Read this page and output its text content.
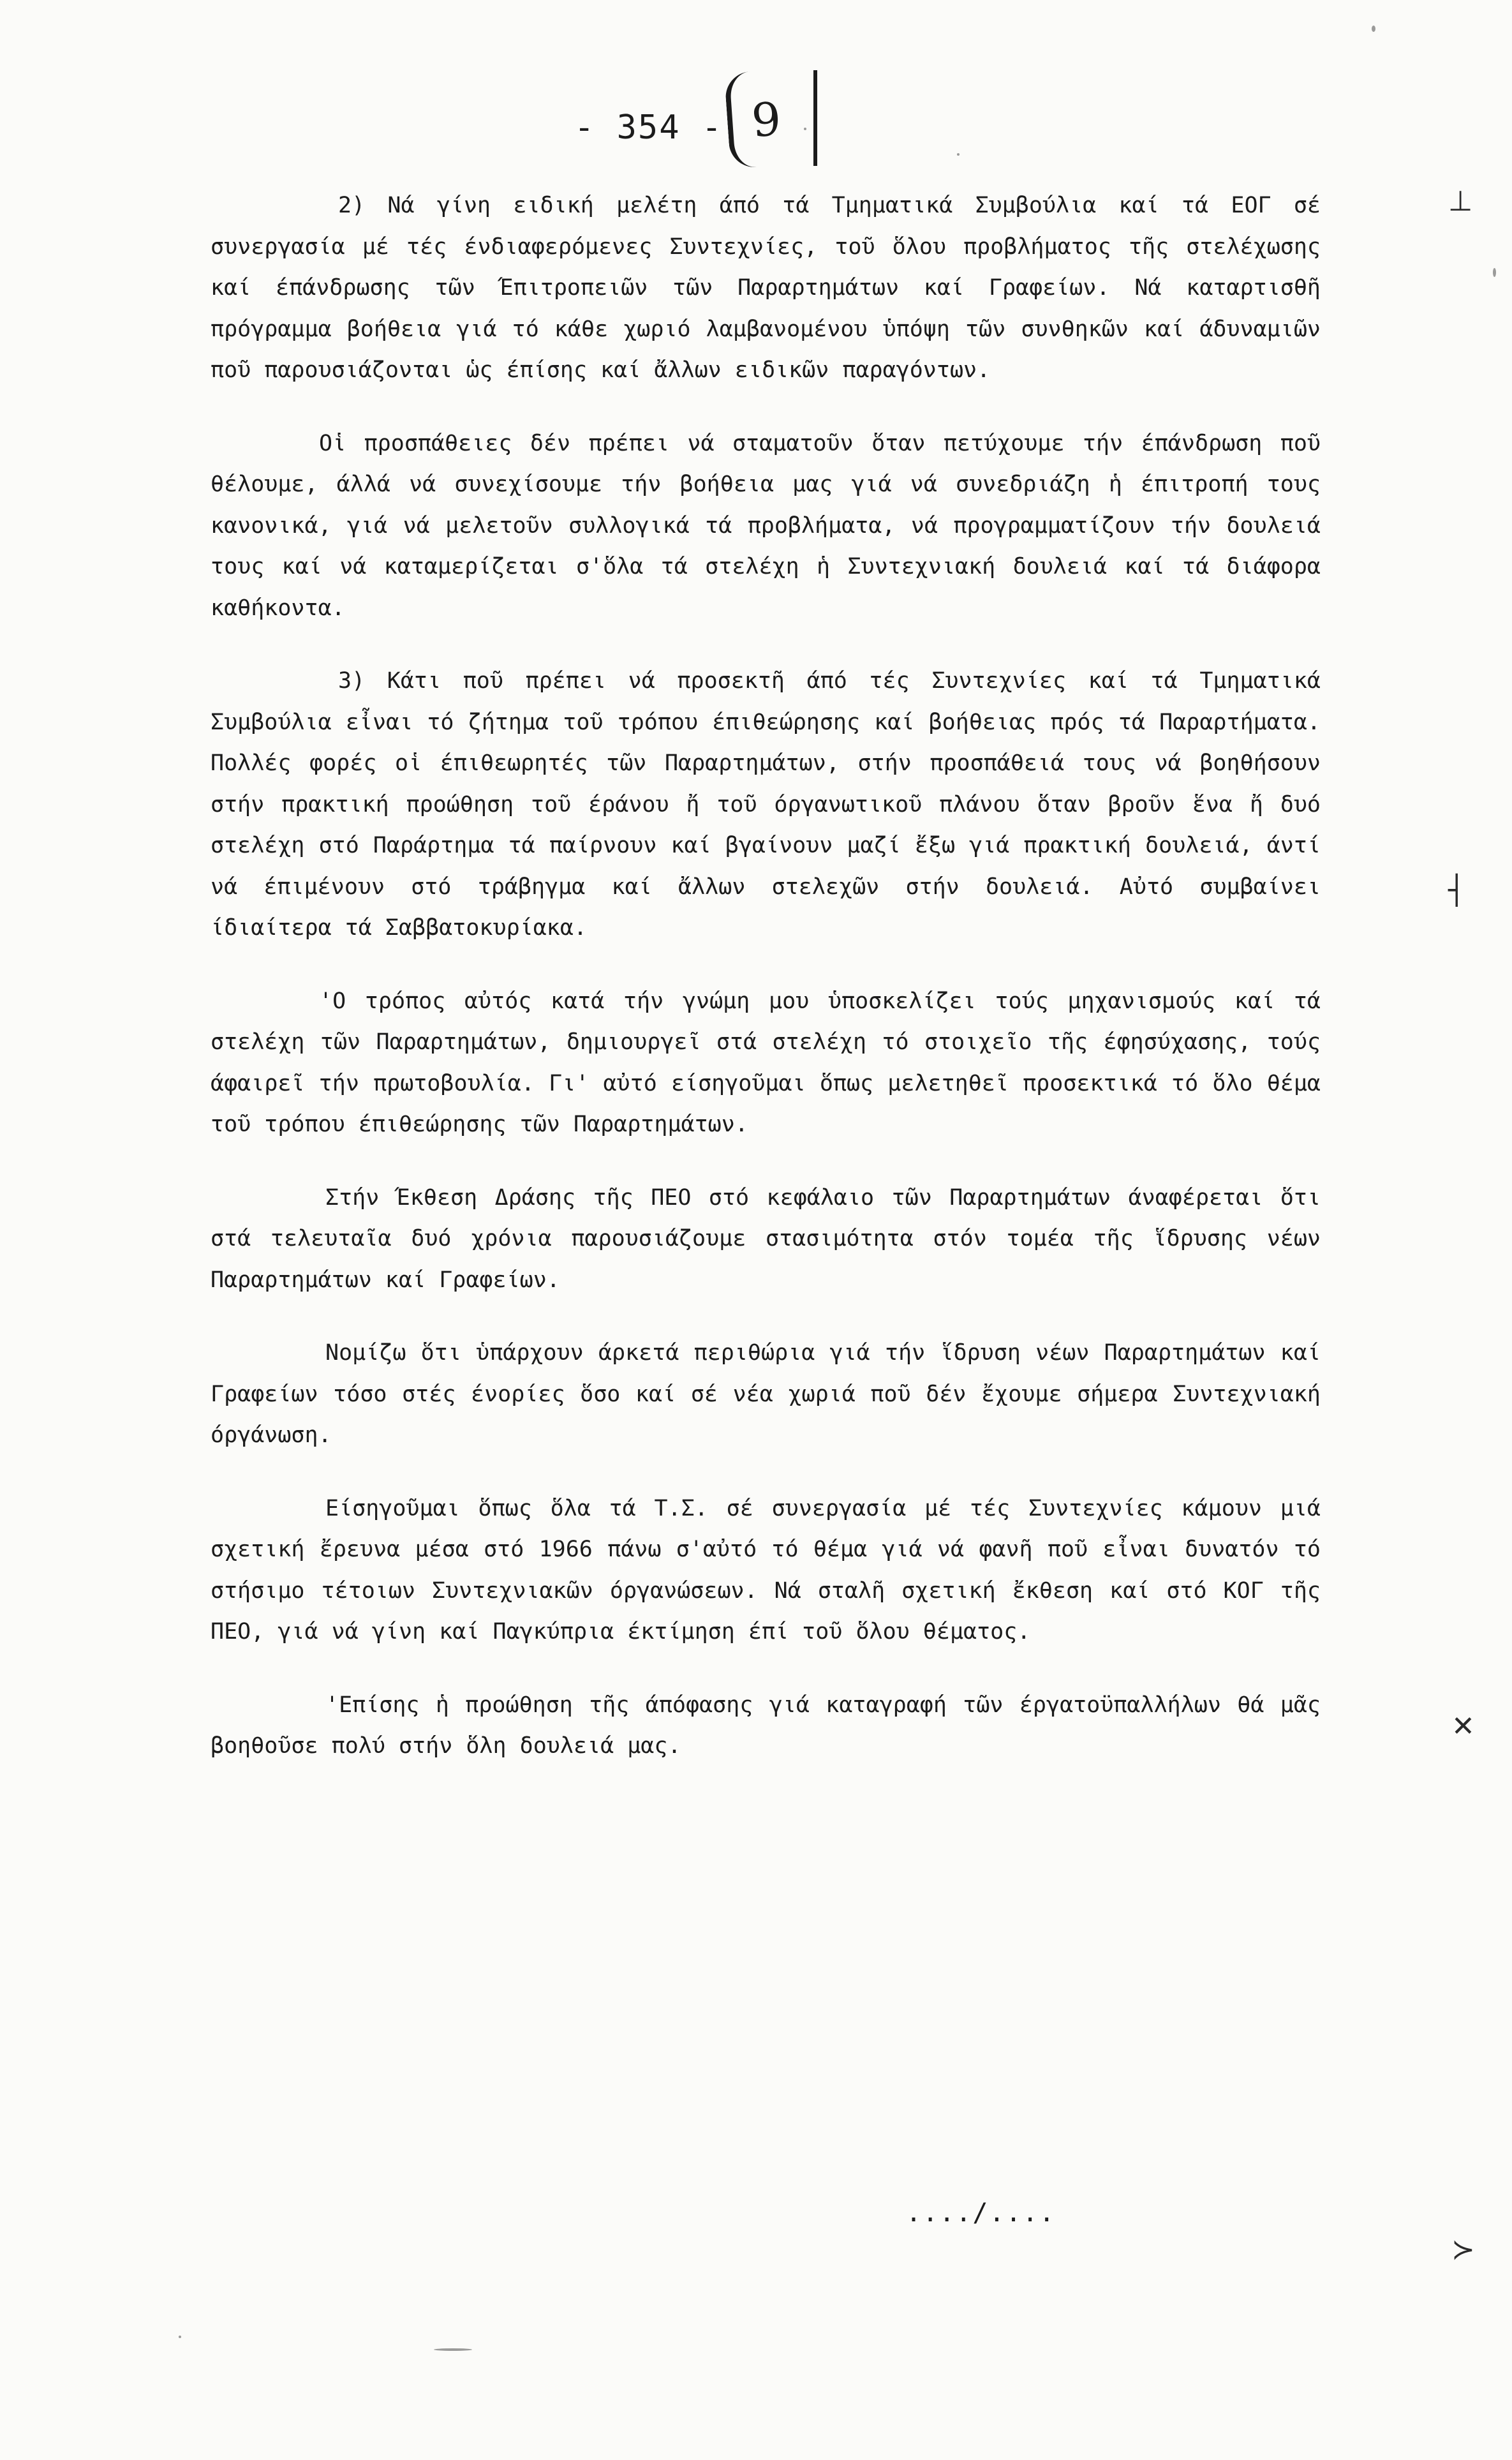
- 354 - 9

2) Νά γίνη ειδική μελέτη άπό τά Τμηματικά Συμβούλια καί τά ΕΟΓ σέ συνεργασία μέ τές ένδιαφερόμενες Συντεχνίες, τοῦ ὅλου προβλήματος τῆς στελέχωσης καί έπάνδρωσης τῶν Έπιτροπειῶν τῶν Παραρτημάτων καί Γραφείων. Νά καταρτισθῆ πρόγραμμα βοήθεια γιά τό κάθε χωριό λαμβανομένου ὑπόψη τῶν συνθηκῶν καί άδυναμιῶν ποῦ παρουσιάζονται ὡς έπίσης καί ἄλλων ειδικῶν παραγόντων.

Οἱ προσπάθειες δέν πρέπει νά σταματοῦν ὅταν πετύχουμε τήν έπάνδρωση ποῦ θέλουμε, άλλά νά συνεχίσουμε τήν βοήθεια μας γιά νά συνεδριάζη ἡ έπιτροπή τους κανονικά, γιά νά μελετοῦν συλλογικά τά προβλήματα, νά προγραμματίζουν τήν δουλειά τους καί νά καταμερίζεται σ'ὅλα τά στελέχη ἡ Συντεχνιακή δουλειά καί τά διάφορα καθήκοντα.

3) Κάτι ποῦ πρέπει νά προσεκτῆ άπό τές Συντεχνίες καί τά Τμηματικά Συμβούλια εἶναι τό ζήτημα τοῦ τρόπου έπιθεώρησης καί βοήθειας πρός τά Παραρτήματα. Πολλές φορές οἱ έπιθεωρητές τῶν Παραρτημάτων, στήν προσπάθειά τους νά βοηθήσουν στήν πρακτική προώθηση τοῦ έράνου ἤ τοῦ όργανωτικοῦ πλάνου ὅταν βροῦν ἕνα ἤ δυό στελέχη στό Παράρτημα τά παίρνουν καί βγαίνουν μαζί ἔξω γιά πρακτική δουλειά, άντί νά έπιμένουν στό τράβηγμα καί ἄλλων στελεχῶν στήν δουλειά. Αὐτό συμβαίνει ίδιαίτερα τά Σαββατοκυρίακα.

'Ο τρόπος αὐτός κατά τήν γνώμη μου ὑποσκελίζει τούς μηχανισμούς καί τά στελέχη τῶν Παραρτημάτων, δημιουργεῖ στά στελέχη τό στοιχεῖο τῆς έφησύχασης, τούς άφαιρεῖ τήν πρωτοβουλία. Γι' αὐτό είσηγοῦμαι ὅπως μελετηθεῖ προσεκτικά τό ὅλο θέμα τοῦ τρόπου έπιθεώρησης τῶν Παραρτημάτων.

Στήν Έκθεση Δράσης τῆς ΠΕΟ στό κεφάλαιο τῶν Παραρτημάτων άναφέρεται ὅτι στά τελευταῖα δυό χρόνια παρουσιάζουμε στασιμότητα στόν τομέα τῆς ἵδρυσης νέων Παραρτημάτων καί Γραφείων.

Νομίζω ὅτι ὑπάρχουν άρκετά περιθώρια γιά τήν ἵδρυση νέων Παραρτημάτων καί Γραφείων τόσο στές ένορίες ὅσο καί σέ νέα χωριά ποῦ δέν ἔχουμε σήμερα Συντεχνιακή όργάνωση.

Είσηγοῦμαι ὅπως ὅλα τά Τ.Σ. σέ συνεργασία μέ τές Συντεχνίες κάμουν μιά σχετική ἔρευνα μέσα στό 1966 πάνω σ'αὐτό τό θέμα γιά νά φανῆ ποῦ εἶναι δυνατόν τό στήσιμο τέτοιων Συντεχνιακῶν όργανώσεων. Νά σταλῆ σχετική ἔκθεση καί στό ΚΟΓ τῆς ΠΕΟ, γιά νά γίνη καί Παγκύπρια έκτίμηση έπί τοῦ ὅλου θέματος.

'Επίσης ἡ προώθηση τῆς άπόφασης γιά καταγραφή τῶν έργατοϋπαλλήλων θά μᾶς βοηθοῦσε πολύ στήν ὅλη δουλειά μας.

..../....
⊥
┤
✕
≻
